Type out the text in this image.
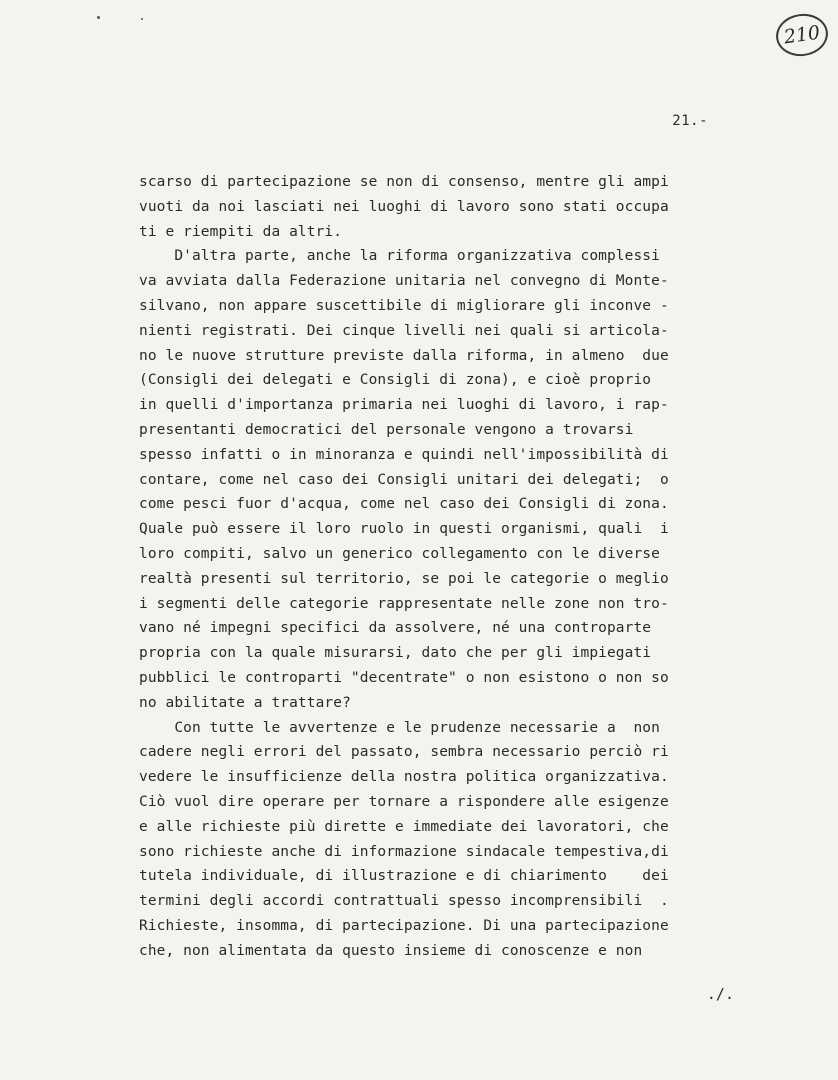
210
21.-
scarso di partecipazione se non di consenso, mentre gli ampi
vuoti da noi lasciati nei luoghi di lavoro sono stati occupa
ti e riempiti da altri.
D'altra parte, anche la riforma organizzativa complessi
va avviata dalla Federazione unitaria nel convegno di Monte-
silvano, non appare suscettibile di migliorare gli inconve -
nienti registrati. Dei cinque livelli nei quali si articola-
no le nuove strutture previste dalla riforma, in almeno  due
(Consigli dei delegati e Consigli di zona), e cioè proprio
in quelli d'importanza primaria nei luoghi di lavoro, i rap-
presentanti democratici del personale vengono a trovarsi
spesso infatti o in minoranza e quindi nell'impossibilità di
contare, come nel caso dei Consigli unitari dei delegati;  o
come pesci fuor d'acqua, come nel caso dei Consigli di zona.
Quale può essere il loro ruolo in questi organismi, quali  i
loro compiti, salvo un generico collegamento con le diverse
realtà presenti sul territorio, se poi le categorie o meglio
i segmenti delle categorie rappresentate nelle zone non tro-
vano né impegni specifici da assolvere, né una controparte
propria con la quale misurarsi, dato che per gli impiegati
pubblici le controparti "decentrate" o non esistono o non so
no abilitate a trattare?
Con tutte le avvertenze e le prudenze necessarie a  non
cadere negli errori del passato, sembra necessario perciò ri
vedere le insufficienze della nostra politica organizzativa.
Ciò vuol dire operare per tornare a rispondere alle esigenze
e alle richieste più dirette e immediate dei lavoratori, che
sono richieste anche di informazione sindacale tempestiva,di
tutela individuale, di illustrazione e di chiarimento    dei
termini degli accordi contrattuali spesso incomprensibili  .
Richieste, insomma, di partecipazione. Di una partecipazione
che, non alimentata da questo insieme di conoscenze e non
./.
